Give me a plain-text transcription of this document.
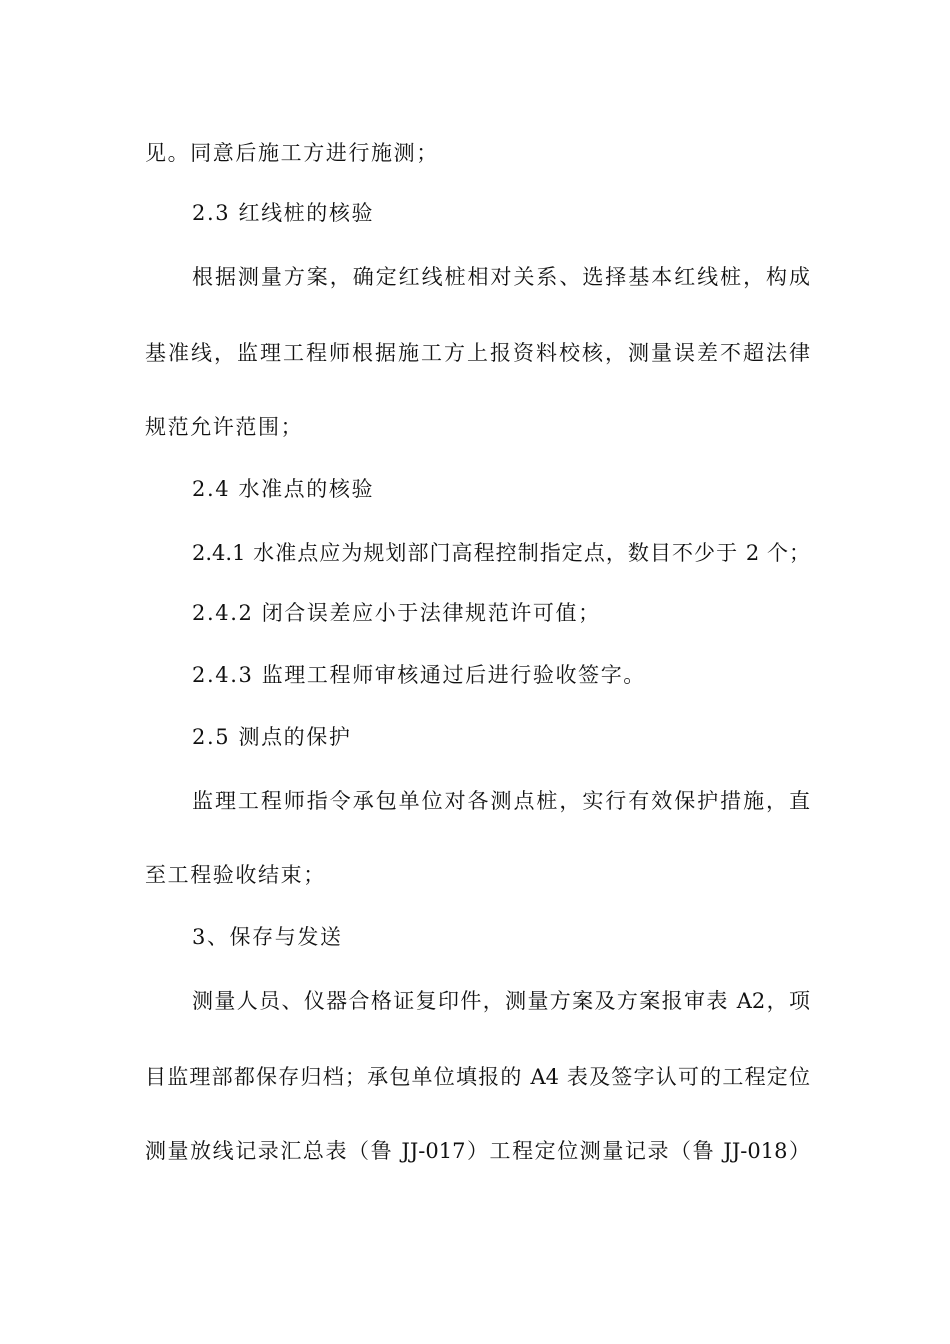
见。同意后施工方进行施测；
2.3 红线桩的核验
根据测量方案，确定红线桩相对关系、选择基本红线桩，构成
基准线，监理工程师根据施工方上报资料校核，测量误差不超法律
规范允许范围；
2.4 水准点的核验
2.4.1 水准点应为规划部门高程控制指定点，数目不少于 2 个；
2.4.2 闭合误差应小于法律规范许可值；
2.4.3 监理工程师审核通过后进行验收签字。
2.5 测点的保护
监理工程师指令承包单位对各测点桩，实行有效保护措施，直
至工程验收结束；
3、保存与发送
测量人员、仪器合格证复印件，测量方案及方案报审表 A2，项
目监理部都保存归档；承包单位填报的 A4 表及签字认可的工程定位
测量放线记录汇总表（鲁 JJ-017）工程定位测量记录（鲁 JJ-018）
